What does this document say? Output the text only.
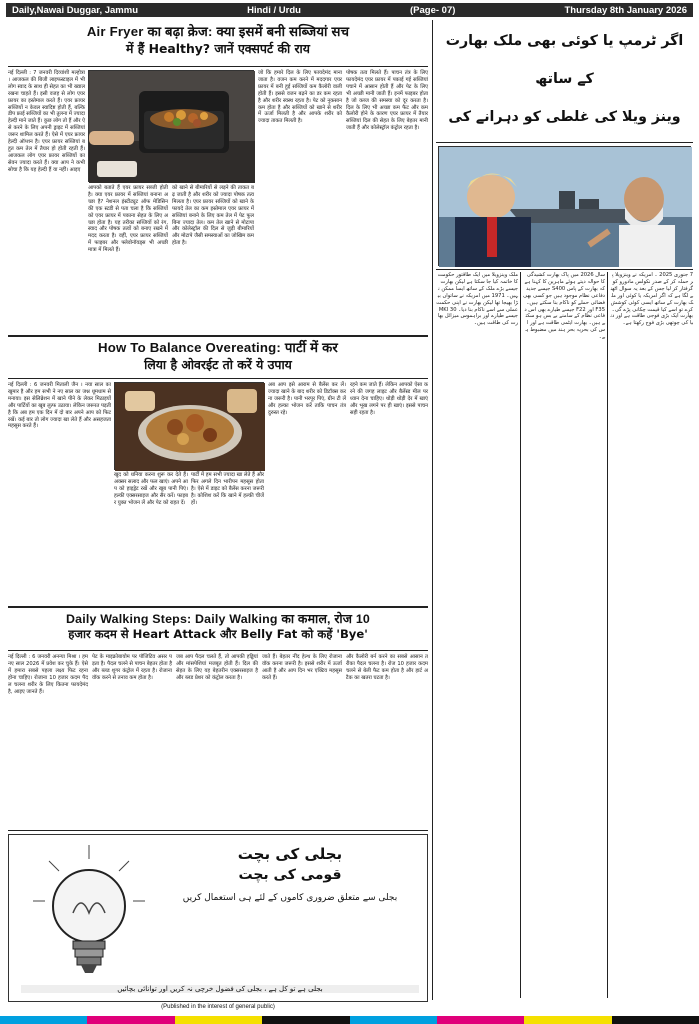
Daily,Nawai Duggar, Jammu	Hindi / Urdu	(Page- 07)	Thursday 8th January 2026
Air Fryer का बढ़ा क्रेज: क्या इसमें बनी सब्जियां सच
में हैं Healthy? जानें एक्सपर्ट की राय
नई दिल्ली : 7 जनवरी दिव्यांशी मल्होत्रा । आजकल की बिजी लाइफस्टाइल में भी लोग स्वाद के साथ ही सेहत का भी ख्याल रखना चाहते हैं। इसी वजह से लोग एयर फ्रायर का इस्तेमाल करते हैं। एयर फ्रायर सब्जियों न केवल स्वादिष्ट होती हैं, बल्कि डीप फ्राई सब्जियों का भी तुलना में ज्यादा हेल्दी माने जाते हैं। कुछ लोग तो हैं और ऐसे करने के लिए अपनी ड्राइट में सब्जियां जरूर शामिल करते हैं। ऐसे में एयर फ्रायर हेल्दी ऑप्शन है। एयर फ्रायर सब्जियां बहुत कम तेल में तैयार हो होती रहती हैं। आजकल लोग एयर फ्रायर सब्जियों का सेवन ज्यादा करते हैं। क्या आप ने कभी सोचा है कि यह हेल्दी हैं या नहीं। आइए
आपको बताते हैं एयर फ्रायर सब्जी होती है। क्या एयर फ्रायर में सब्जियां बनाना अच्छा है? नेशनल इंस्टीट्यूट ऑफ मेडिसिन की एक स्टडी से पता चला है कि सब्जियों को एयर फ्रायर में पकाना सेहत के लिए अच्छा होता है। यह तरीका सब्जियों को रंग, स्वाद और पोषक तत्वों को बनाए रखने में मदद करता है। वहीं, एयर फ्रायर सब्जियों में फाइबर और फ्लेवोनॉयड्स भी अच्छी मात्रा में मिलते हैं।
को खाने से बीमारियों से लड़ने की ताकत बढ़ जाती है और शरीर को ज्यादा पोषक तत्व मिलता है। एयर फ्रायर सब्जियों को खाने के फायदे तेल का कम इस्तेमाल एयर फ्रायर में सब्जियां बनाने के लिए कम तेल में पेट फूल बिना ज्यादा तेल। कम तेल खाने से मोटापा और कोलेस्ट्रॉल की दिल से जुड़ी बीमारियों और मोटापे जैसी समस्याओं का जोखिम कम होता है।
जो कि हमारे दिल के लिए फायदेमंद माना जाता है। वजन कम करने में मददगार एयर फ्रायर में बनी हुई सब्जियों कम कैलोरी वाली होती हैं। इससे वजन बढ़ने का डर कम रहता है और शरीर स्वस्थ रहता है। पेट को नुकसान कम होता है और सब्जियों को खाने से शरीर में ऊर्जा मिलती है और आपके शरीर को ज्यादा ताकत मिलती है।
पोषक तत्व मिलते हैं। पाचन तंत्र के लिए फायदेमंद एयर फ्रायर में पकाई गई सब्जियां पचाने में आसान होती हैं और पेट के लिए भी अच्छी मानी जाती हैं। इनमें फाइबर होता है जो कब्ज की समस्या को दूर करता है। दिल के लिए भी अच्छा कम फैट और कम कैलोरी होने के कारण एयर फ्रायर में तैयार सब्जियां दिल की सेहत के लिए बेहतर मानी जाती हैं और कोलेस्ट्रॉल कंट्रोल रहता है।
How To Balance Overeating: पार्टी में कर
लिया है ओवरईट तो करें ये उपाय
नई दिल्ली : 6 जनवरी मिताली जैन । नया साल का खुमार है और हम सभी ने नए साल का जश्न धूमधाम से मनाया। इस सेलिब्रेशन में खाने पीने के लेकर मिठाइयों और पार्टियों का खूब लुत्फ उठाया। लेकिन जरूरत पड़ती है कि अब हम एक दिन में दो बार अपने आप को फिट रखें। कई बार तो लोग ज्यादा खा लेते हैं और असहजता महसूस करते हैं।
खुद को धनिया करना शुरू कर देते हैं। अक्सर सलाद और फल खाएं। अपने आप को हाइड्रेट रखें और खूब पानी पिएं। हल्की एक्सरसाइज और सैर करें। फाइबर युक्त भोजन लें और पेट को राहत दें।
पार्टी में हम सभी ज्यादा खा लेते हैं और फिर अगले दिन भारीपन महसूस होता है। ऐसे में डाइट को बैलेंस करना जरूरी है। कोशिश करें कि खाने में हल्की चीजें हों।
अब आप इसे आराम से बैलेंस कर लें। ज्यादा खाने के बाद शरीर को डिटॉक्स करना जरूरी है। पानी भरपूर पिएं, ग्रीन टी लें और हल्का भोजन करें ताकि पाचन तंत्र दुरुस्त रहे।
रहने कम जाते हैं। लेकिन आपको ऐसा करने की जगह लाइट और बैलेंस्ड मील पर ध्यान देना चाहिए। थोड़ी थोड़ी देर में खाएं और भूख लगने पर ही खाएं। इससे पाचन सही रहता है।
Daily Walking Steps: Daily Walking का कमाल, रोज 10
हजार कदम से Heart Attack और Belly Fat को कहें 'Bye'
नई दिल्ली : 6 जनवरी अनन्या मिश्रा । हम नए साल 2026 में प्रवेश कर चुके हैं। ऐसे में हमारा सबसे पहला लक्ष्य फिट रहना होना चाहिए। रोजाना 10 हजार कदम पैदल चलना शरीर के लिए कितना फायदेमंद है, आइए जानते हैं।
पेट के माइक्रोबायोम पर पॉजिटिव असर पड़ता है। पैदल चलने से पाचन बेहतर होता है और ब्लड शुगर कंट्रोल में रहता है। रोजाना वॉक करने से तनाव कम होता है।
जब आप पैदल चलते हैं, तो आपकी हड्डियां और मांसपेशियां मजबूत होती हैं। दिल की सेहत के लिए यह बेहतरीन एक्सरसाइज है और ब्लड प्रेशर को कंट्रोल करता है।
जाते हैं। बेहतर नींद हेल्थ के लिए रोजाना वॉक करना जरूरी है। इससे शरीर में ऊर्जा आती है और आप दिन भर एक्टिव महसूस करते हैं।
और कैलोरी बर्न करने का सबसे आसान तरीका पैदल चलना है। रोज 10 हजार कदम चलने से बेली फैट कम होता है और हार्ट अटैक का खतरा घटता है।
بجلی کی بچت
قومی کی بچت
بجلی سے متعلق ضروری کاموں کے لئے ہی استعمال کریں
بجلی ہے تو کل ہے ، بجلی کی فضول خرچی نہ کریں اور توانائی بچائیں
(Published in the interest of general public)
اگر ٹرمپ یا کوئی بھی ملک بھارت کے ساتھ
وینز ویلا کی غلطی کو دہرانے کی
7 جنوری 2025 ۔ امریکہ نے وینزویلا پر حملہ کر کے صدر نکولس مادورو کو گرفتار کر لیا جس کے بعد یہ سوال اٹھنے لگا ہے کہ اگر امریکہ یا کوئی اور ملک بھارت کے ساتھ ایسی کوئی کوشش کرے تو اسے کیا قیمت چکانی پڑے گی۔ بھارت ایک بڑی فوجی طاقت ہے اور دنیا کی چوتھی بڑی فوج رکھتا ہے۔
سال 2026 میں پاک بھارت کشیدگی کا حوالہ دیتے ہوئے ماہرین کا کہنا ہے کہ بھارت کے پاس S400 جیسے جدید دفاعی نظام موجود ہیں جو کسی بھی فضائی حملے کو ناکام بنا سکتے ہیں۔ F35 اور F22 جیسے طیارے بھی اس دفاعی نظام کے سامنے بے بس ہو سکتے ہیں۔ بھارت ایٹمی طاقت ہے اور اس کی بحریہ بحر ہند میں مضبوط ہے۔
ملک وینزویلا میں ایک طاقتور حکومت کا خاتمہ کیا جا سکتا ہے لیکن بھارت جیسے بڑے ملک کے ساتھ ایسا ممکن نہیں۔ 1971 میں امریکہ نے ساتواں بیڑا بھیجا تھا لیکن بھارت نے اپنی حکمت عملی سے اسے ناکام بنا دیا۔ 30 MKI جیسے طیارے اور براہموس میزائل بھارت کی طاقت ہیں۔
